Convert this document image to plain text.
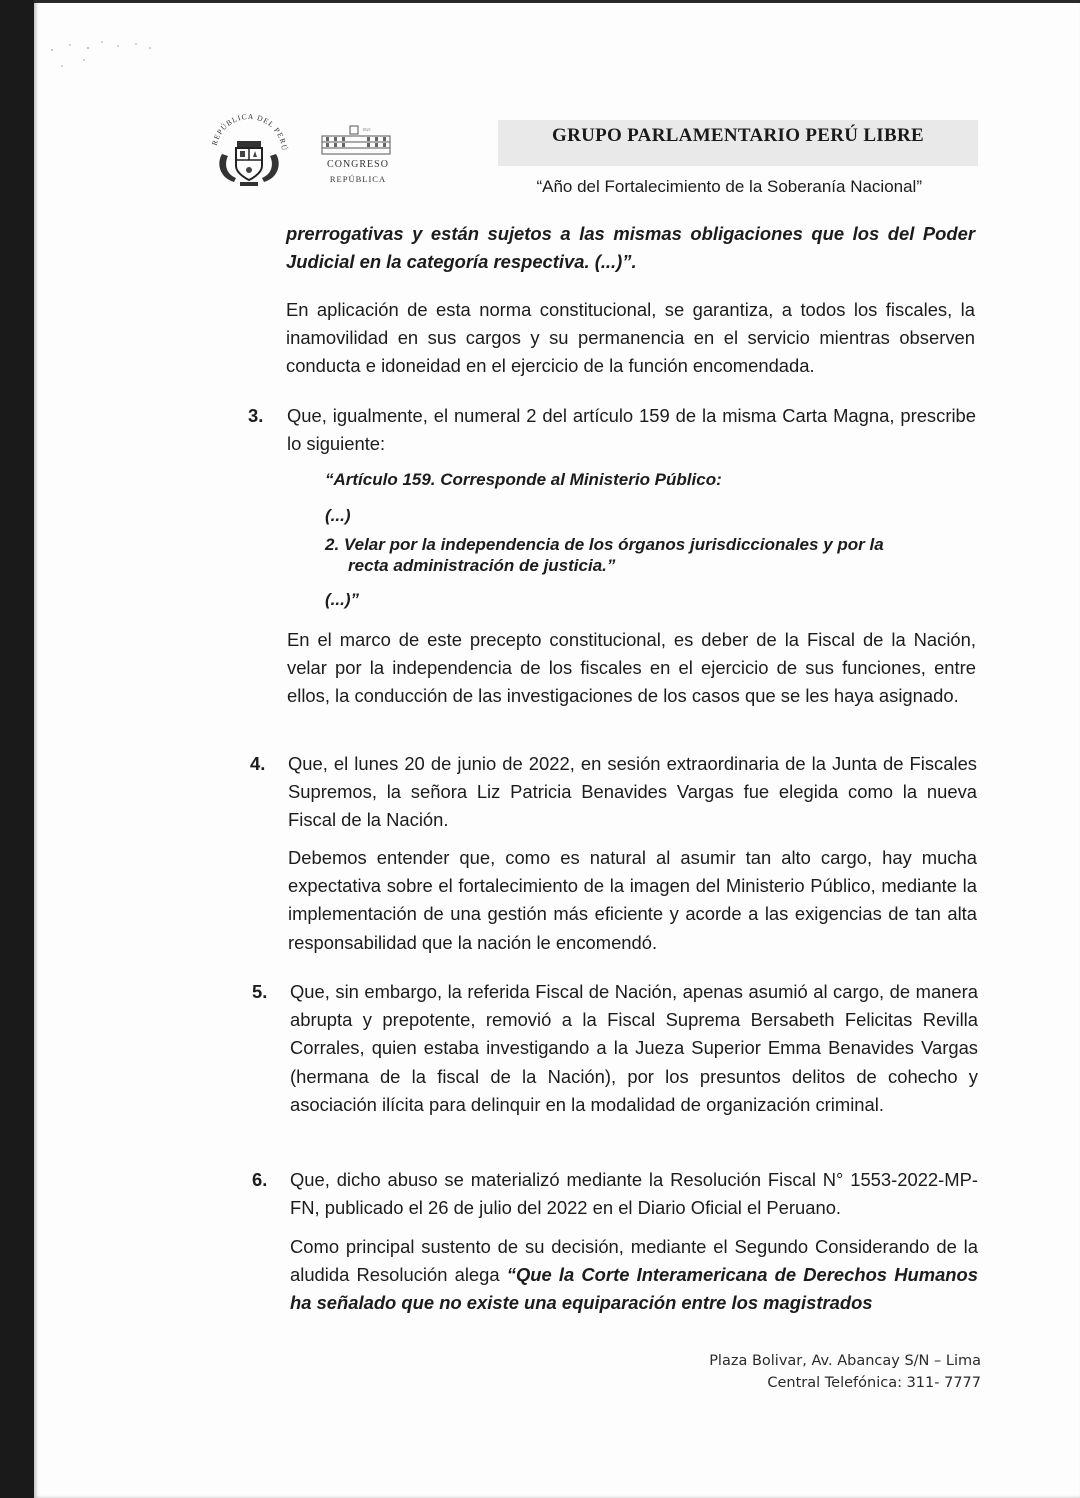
REPÚBLICA DEL PERÚ
1821
CONGRESO
REPÚBLICA
GRUPO PARLAMENTARIO PERÚ LIBRE
“Año del Fortalecimiento de la Soberanía Nacional”

prerrogativas y están sujetos a las mismas obligaciones que los del Poder Judicial en la categoría respectiva. (...)”.

En aplicación de esta norma constitucional, se garantiza, a todos los fiscales, la inamovilidad en sus cargos y su permanencia en el servicio mientras observen conducta e idoneidad en el ejercicio de la función encomendada.

3. Que, igualmente, el numeral 2 del artículo 159 de la misma Carta Magna, prescribe lo siguiente:

“Artículo 159. Corresponde al Ministerio Público:
(...)
2. Velar por la independencia de los órganos jurisdiccionales y por la
recta administración de justicia.”
(...)”

En el marco de este precepto constitucional, es deber de la Fiscal de la Nación, velar por la independencia de los fiscales en el ejercicio de sus funciones, entre ellos, la conducción de las investigaciones de los casos que se les haya asignado.

4. Que, el lunes 20 de junio de 2022, en sesión extraordinaria de la Junta de Fiscales Supremos, la señora Liz Patricia Benavides Vargas fue elegida como la nueva Fiscal de la Nación.

Debemos entender que, como es natural al asumir tan alto cargo, hay mucha expectativa sobre el fortalecimiento de la imagen del Ministerio Público, mediante la implementación de una gestión más eficiente y acorde a las exigencias de tan alta responsabilidad que la nación le encomendó.

5. Que, sin embargo, la referida Fiscal de Nación, apenas asumió al cargo, de manera abrupta y prepotente, removió a la Fiscal Suprema Bersabeth Felicitas Revilla Corrales, quien estaba investigando a la Jueza Superior Emma Benavides Vargas (hermana de la fiscal de la Nación), por los presuntos delitos de cohecho y asociación ilícita para delinquir en la modalidad de organización criminal.

6. Que, dicho abuso se materializó mediante la Resolución Fiscal N° 1553-2022-MP-FN, publicado el 26 de julio del 2022 en el Diario Oficial el Peruano.

Como principal sustento de su decisión, mediante el Segundo Considerando de la aludida Resolución alega “Que la Corte Interamericana de Derechos Humanos ha señalado que no existe una equiparación entre los magistrados

Plaza Bolivar, Av. Abancay S/N – Lima
Central Telefónica: 311- 7777
